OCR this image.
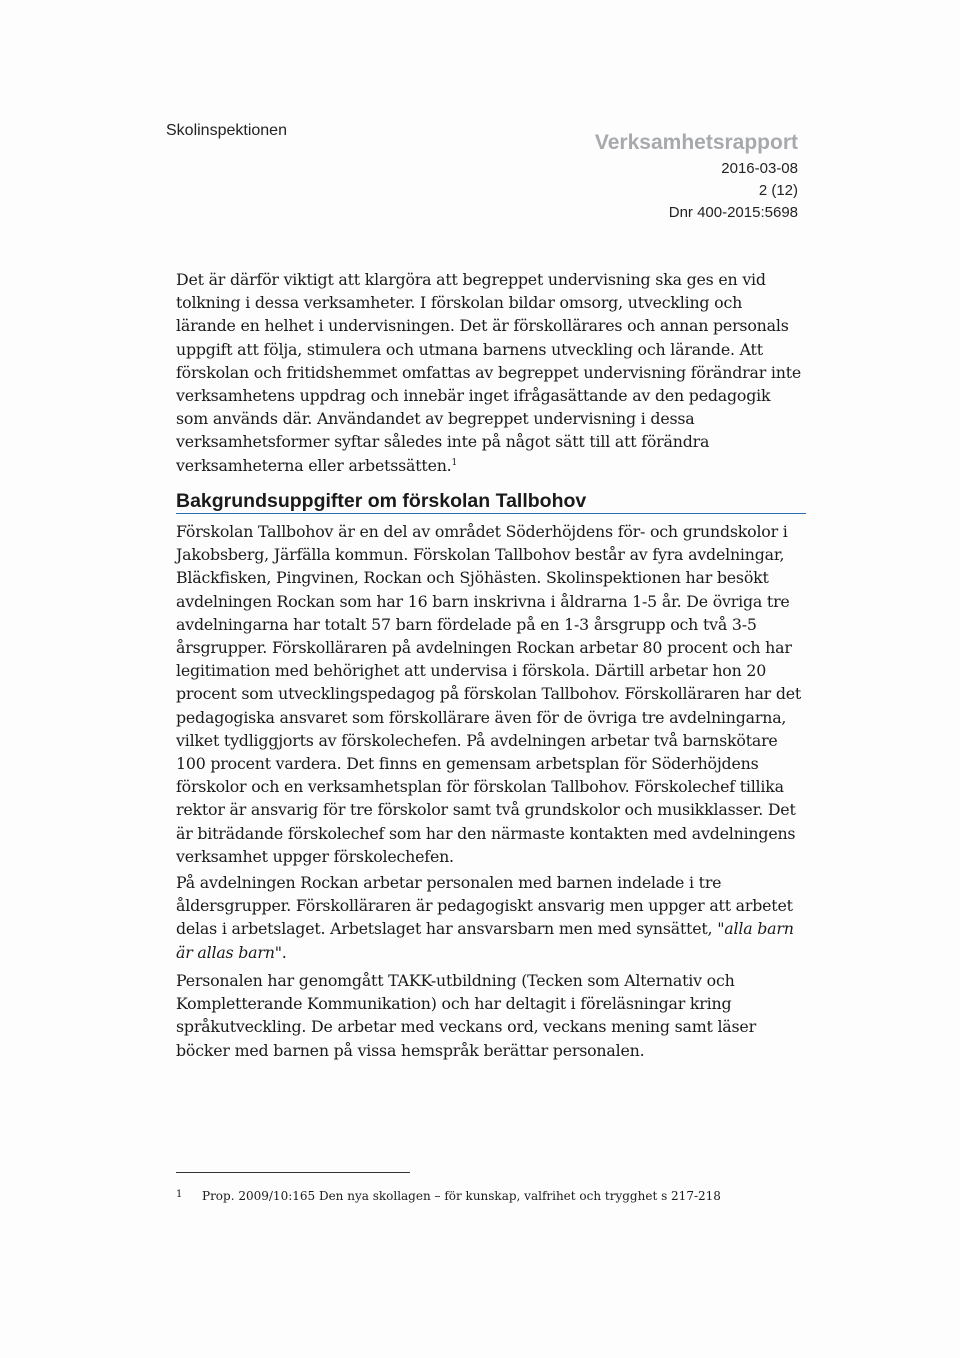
Skolinspektionen
Verksamhetsrapport
2016-03-08
2 (12)
Dnr 400-2015:5698

Det är därför viktigt att klargöra att begreppet undervisning ska ges en vid tolkning i dessa verksamheter. I förskolan bildar omsorg, utveckling och lärande en helhet i undervisningen. Det är förskollärares och annan personals uppgift att följa, stimulera och utmana barnens utveckling och lärande. Att förskolan och fritidshemmet omfattas av begreppet undervisning förändrar inte verksamhetens uppdrag och innebär inget ifrågasättande av den pedagogik som används där. Användandet av begreppet undervisning i dessa verksamhetsformer syftar således inte på något sätt till att förändra verksamheterna eller arbetssätten.$^1$

Bakgrundsuppgifter om förskolan Tallbohov

Förskolan Tallbohov är en del av området Söderhöjdens för- och grundskolor i Jakobsberg, Järfälla kommun. Förskolan Tallbohov består av fyra avdelningar, Bläckfisken, Pingvinen, Rockan och Sjöhästen. Skolinspektionen har besökt avdelningen Rockan som har 16 barn inskrivna i åldrarna 1-5 år. De övriga tre avdelningarna har totalt 57 barn fördelade på en 1-3 årsgrupp och två 3-5 årsgrupper. Förskolläraren på avdelningen Rockan arbetar 80 procent och har legitimation med behörighet att undervisa i förskola. Därtill arbetar hon 20 procent som utvecklingspedagog på förskolan Tallbohov. Förskolläraren har det pedagogiska ansvaret som förskollärare även för de övriga tre avdelningarna, vilket tydliggjorts av förskolechefen. På avdelningen arbetar två barnskötare 100 procent vardera. Det finns en gemensam arbetsplan för Söderhöjdens förskolor och en verksamhetsplan för förskolan Tallbohov. Förskolechef tillika rektor är ansvarig för tre förskolor samt två grundskolor och musikklasser. Det är biträdande förskolechef som har den närmaste kontakten med avdelningens verksamhet uppger förskolechefen.

På avdelningen Rockan arbetar personalen med barnen indelade i tre åldersgrupper. Förskolläraren är pedagogiskt ansvarig men uppger att arbetet delas i arbetslaget. Arbetslaget har ansvarsbarn men med synsättet, "alla barn är allas barn".

Personalen har genomgått TAKK-utbildning (Tecken som Alternativ och Kompletterande Kommunikation) och har deltagit i föreläsningar kring språkutveckling. De arbetar med veckans ord, veckans mening samt läser böcker med barnen på vissa hemspråk berättar personalen.

1 Prop. 2009/10:165 Den nya skollagen – för kunskap, valfrihet och trygghet s 217-218
